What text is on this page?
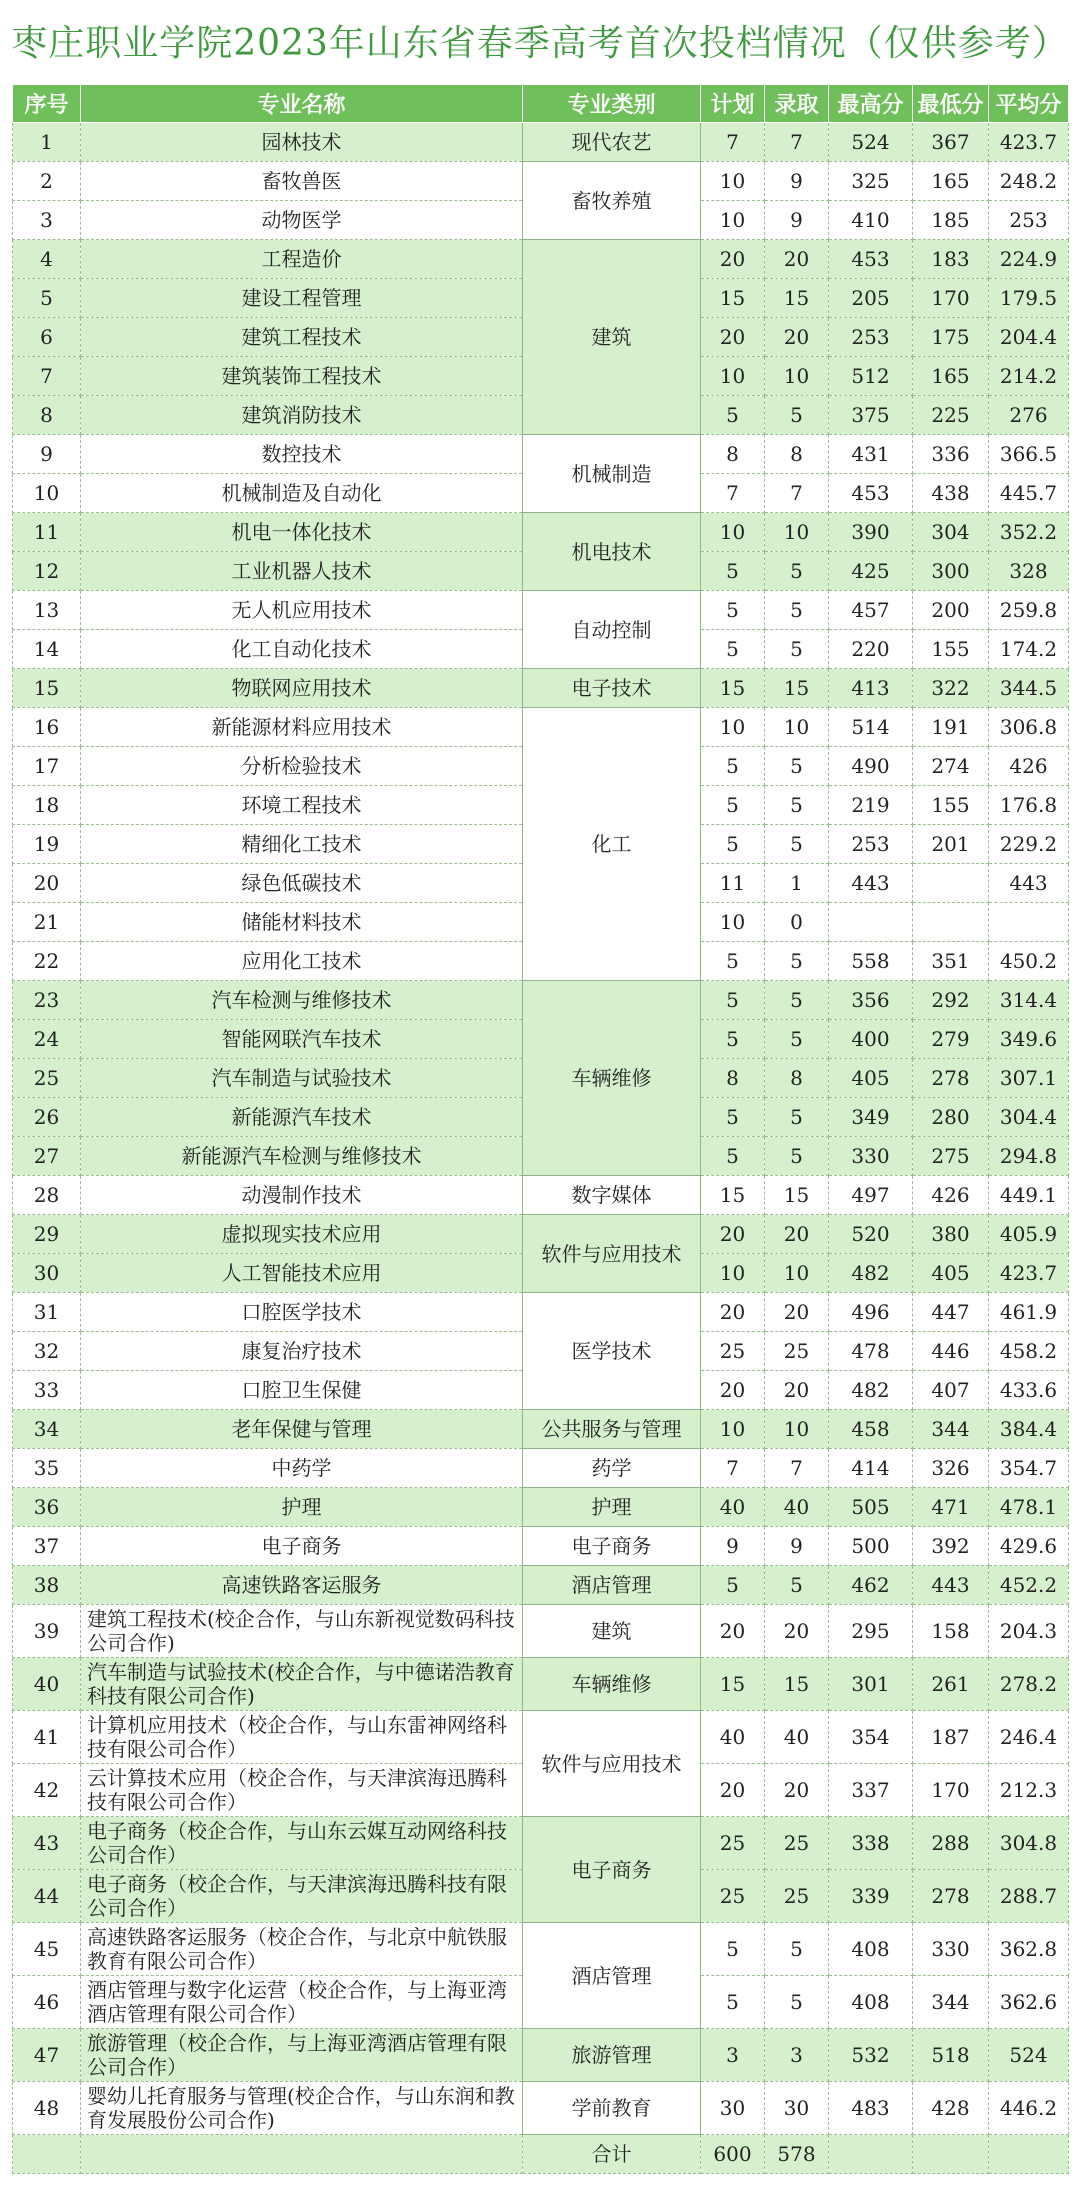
枣庄职业学院2023年山东省春季高考首次投档情况（仅供参考）
序号	专业名称	专业类别	计划	录取	最高分	最低分	平均分
1	园林技术	现代农艺	7	7	524	367	423.7
2	畜牧兽医	畜牧养殖	10	9	325	165	248.2
3	动物医学		10	9	410	185	253
4	工程造价	建筑	20	20	453	183	224.9
5	建设工程管理		15	15	205	170	179.5
6	建筑工程技术		20	20	253	175	204.4
7	建筑装饰工程技术		10	10	512	165	214.2
8	建筑消防技术		5	5	375	225	276
9	数控技术	机械制造	8	8	431	336	366.5
10	机械制造及自动化		7	7	453	438	445.7
11	机电一体化技术	机电技术	10	10	390	304	352.2
12	工业机器人技术		5	5	425	300	328
13	无人机应用技术	自动控制	5	5	457	200	259.8
14	化工自动化技术		5	5	220	155	174.2
15	物联网应用技术	电子技术	15	15	413	322	344.5
16	新能源材料应用技术	化工	10	10	514	191	306.8
17	分析检验技术		5	5	490	274	426
18	环境工程技术		5	5	219	155	176.8
19	精细化工技术		5	5	253	201	229.2
20	绿色低碳技术		11	1	443		443
21	储能材料技术		10	0			
22	应用化工技术		5	5	558	351	450.2
23	汽车检测与维修技术	车辆维修	5	5	356	292	314.4
24	智能网联汽车技术		5	5	400	279	349.6
25	汽车制造与试验技术		8	8	405	278	307.1
26	新能源汽车技术		5	5	349	280	304.4
27	新能源汽车检测与维修技术		5	5	330	275	294.8
28	动漫制作技术	数字媒体	15	15	497	426	449.1
29	虚拟现实技术应用	软件与应用技术	20	20	520	380	405.9
30	人工智能技术应用		10	10	482	405	423.7
31	口腔医学技术	医学技术	20	20	496	447	461.9
32	康复治疗技术		25	25	478	446	458.2
33	口腔卫生保健		20	20	482	407	433.6
34	老年保健与管理	公共服务与管理	10	10	458	344	384.4
35	中药学	药学	7	7	414	326	354.7
36	护理	护理	40	40	505	471	478.1
37	电子商务	电子商务	9	9	500	392	429.6
38	高速铁路客运服务	酒店管理	5	5	462	443	452.2
39	建筑工程技术(校企合作，与山东新视觉数码科技公司合作)	建筑	20	20	295	158	204.3
40	汽车制造与试验技术(校企合作，与中德诺浩教育科技有限公司合作)	车辆维修	15	15	301	261	278.2
41	计算机应用技术（校企合作，与山东雷神网络科技有限公司合作）	软件与应用技术	40	40	354	187	246.4
42	云计算技术应用（校企合作，与天津滨海迅腾科技有限公司合作）		20	20	337	170	212.3
43	电子商务（校企合作，与山东云媒互动网络科技公司合作）	电子商务	25	25	338	288	304.8
44	电子商务（校企合作，与天津滨海迅腾科技有限公司合作）		25	25	339	278	288.7
45	高速铁路客运服务（校企合作，与北京中航铁服教育有限公司合作）	酒店管理	5	5	408	330	362.8
46	酒店管理与数字化运营（校企合作，与上海亚湾酒店管理有限公司合作）		5	5	408	344	362.6
47	旅游管理（校企合作，与上海亚湾酒店管理有限公司合作）	旅游管理	3	3	532	518	524
48	婴幼儿托育服务与管理(校企合作，与山东润和教育发展股份公司合作)	学前教育	30	30	483	428	446.2
		合计	600	578			
